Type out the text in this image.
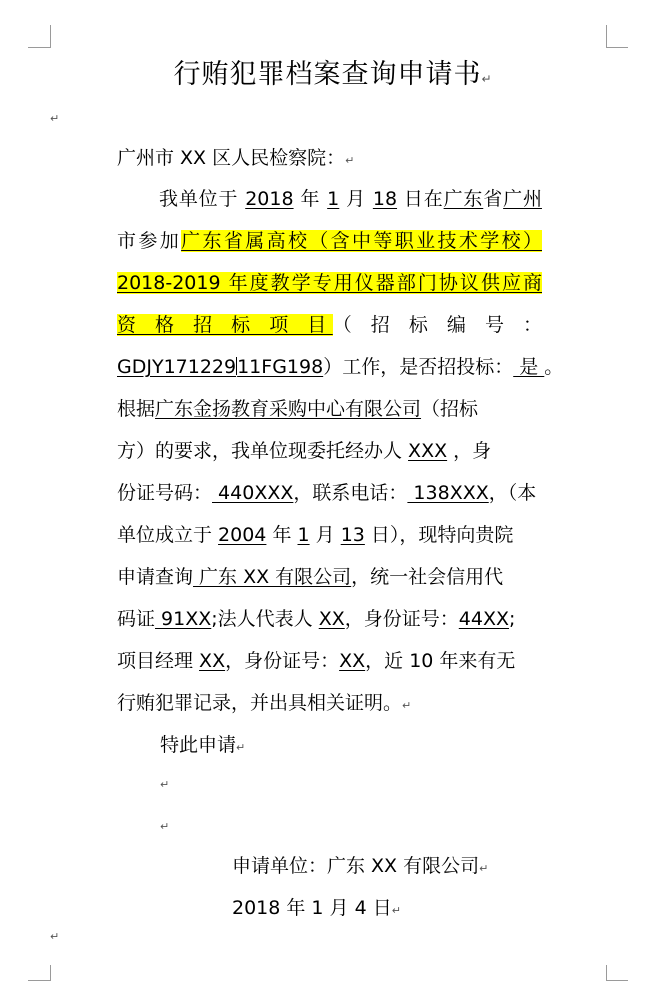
行贿犯罪档案查询申请书↵
↵
广州市 XX 区人民检察院：↵
我单位于 2018 年 1 月 18 日在广东省广州
市参加广东省属高校（含中等职业技术学校）
2018-2019 年度教学专用仪器部门协议供应商
资 格 招 标 项 目（ 招 标 编 号 ：
GDJY17122911FG198）工作，是否招投标： 是 。
根据广东金扬教育采购中心有限公司（招标
方）的要求，我单位现委托经办人 XXX ，身
份证号码： 440XXX，联系电话： 138XXX，（本
单位成立于 2004 年 1 月 13 日），现特向贵院
申请查询 广东 XX 有限公司，统一社会信用代
码证 91XX;法人代表人 XX，身份证号：44XX;
项目经理 XX，身份证号：XX，近 10 年来有无
行贿犯罪记录，并出具相关证明。↵
特此申请↵
↵
↵
申请单位：广东 XX 有限公司↵
2018 年 1 月 4 日↵
↵
